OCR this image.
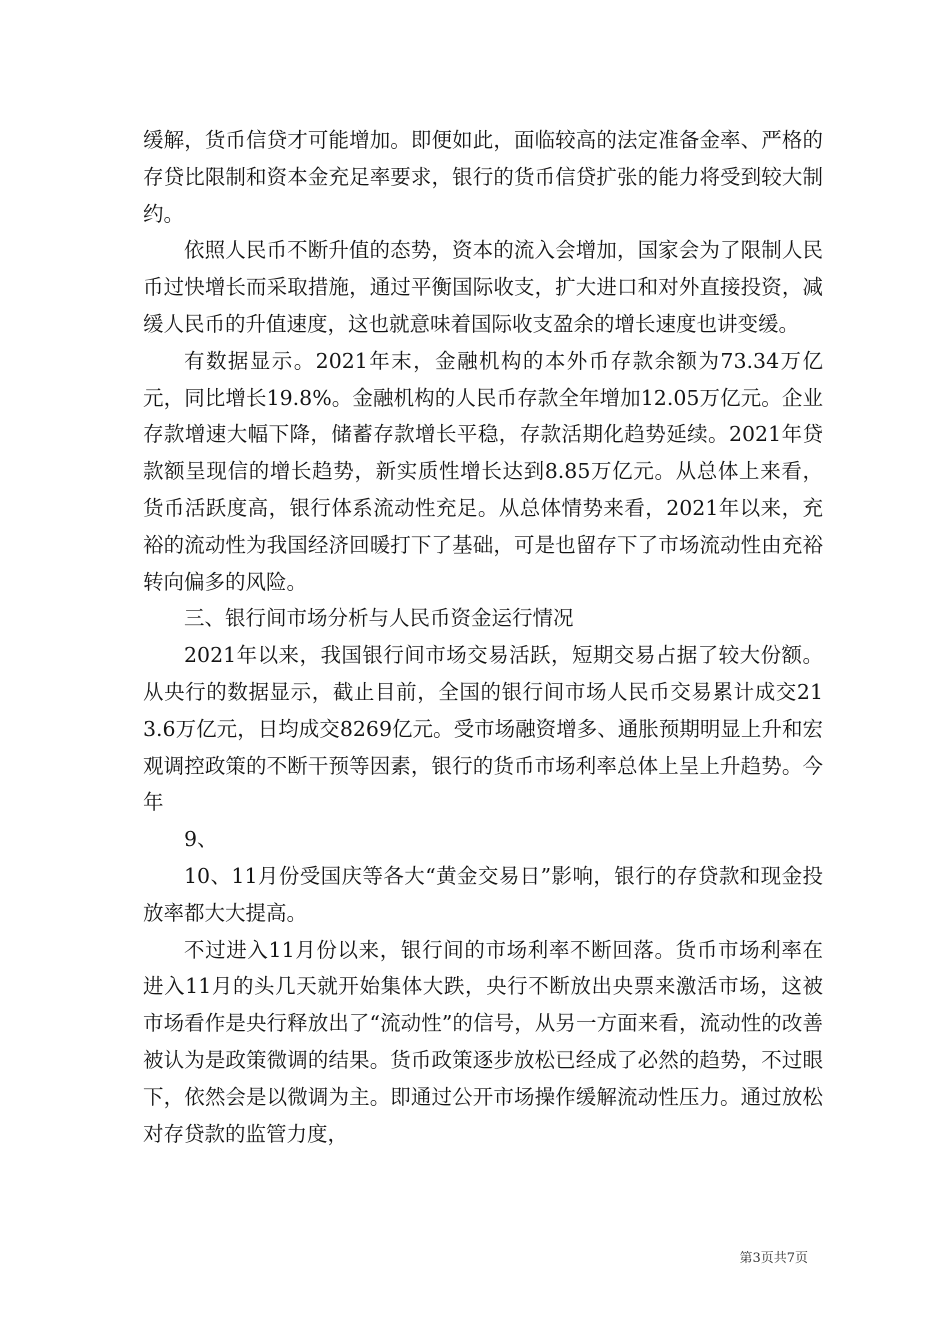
缓解，货币信贷才可能增加。即便如此，面临较高的法定准备金率、严格的存贷比限制和资本金充足率要求，银行的货币信贷扩张的能力将受到较大制约。

依照人民币不断升值的态势，资本的流入会增加，国家会为了限制人民币过快增长而采取措施，通过平衡国际收支，扩大进口和对外直接投资，减缓人民币的升值速度，这也就意味着国际收支盈余的增长速度也讲变缓。

有数据显示。2021年末，金融机构的本外币存款余额为73.34万亿元，同比增长19.8%。金融机构的人民币存款全年增加12.05万亿元。企业存款增速大幅下降，储蓄存款增长平稳，存款活期化趋势延续。2021年贷款额呈现信的增长趋势，新实质性增长达到8.85万亿元。从总体上来看，货币活跃度高，银行体系流动性充足。从总体情势来看，2021年以来，充裕的流动性为我国经济回暖打下了基础，可是也留存下了市场流动性由充裕转向偏多的风险。

三、银行间市场分析与人民币资金运行情况

2021年以来，我国银行间市场交易活跃，短期交易占据了较大份额。从央行的数据显示，截止目前，全国的银行间市场人民币交易累计成交213.6万亿元，日均成交8269亿元。受市场融资增多、通胀预期明显上升和宏观调控政策的不断干预等因素，银行的货币市场利率总体上呈上升趋势。今年

9、

10、11月份受国庆等各大“黄金交易日”影响，银行的存贷款和现金投放率都大大提高。

不过进入11月份以来，银行间的市场利率不断回落。货币市场利率在进入11月的头几天就开始集体大跌，央行不断放出央票来激活市场，这被市场看作是央行释放出了“流动性”的信号，从另一方面来看，流动性的改善被认为是政策微调的结果。货币政策逐步放松已经成了必然的趋势，不过眼下，依然会是以微调为主。即通过公开市场操作缓解流动性压力。通过放松对存贷款的监管力度，

第3页共7页
